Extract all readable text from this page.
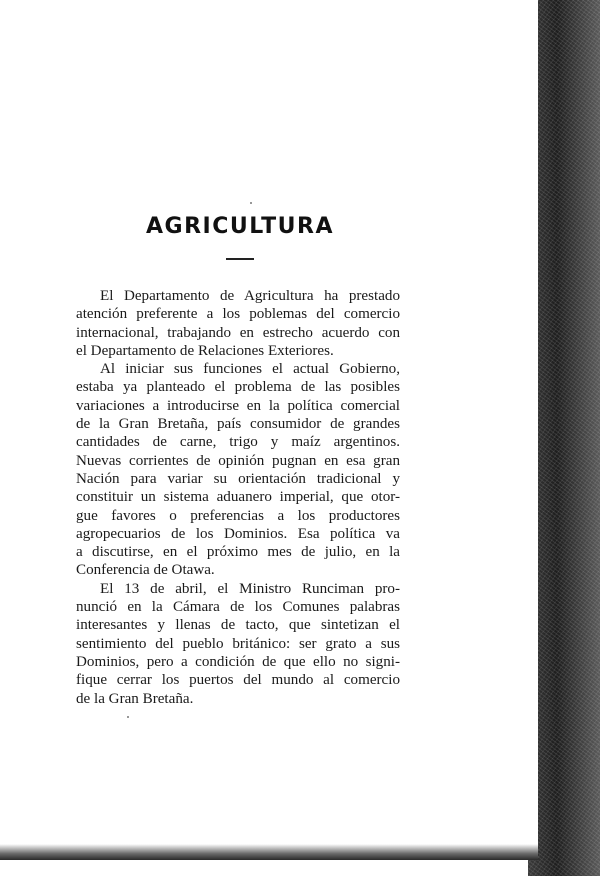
AGRICULTURA
El Departamento de Agricultura ha prestado
atención preferente a los poblemas del comercio
internacional, trabajando en estrecho acuerdo con
el Departamento de Relaciones Exteriores.
Al iniciar sus funciones el actual Gobierno,
estaba ya planteado el problema de las posibles
variaciones a introducirse en la política comercial
de la Gran Bretaña, país consumidor de grandes
cantidades de carne, trigo y maíz argentinos.
Nuevas corrientes de opinión pugnan en esa gran
Nación para variar su orientación tradicional y
constituir un sistema aduanero imperial, que otor-
gue favores o preferencias a los productores
agropecuarios de los Dominios. Esa política va
a discutirse, en el próximo mes de julio, en la
Conferencia de Otawa.
El 13 de abril, el Ministro Runciman pro-
nunció en la Cámara de los Comunes palabras
interesantes y llenas de tacto, que sintetizan el
sentimiento del pueblo británico: ser grato a sus
Dominios, pero a condición de que ello no signi-
fique cerrar los puertos del mundo al comercio
de la Gran Bretaña.
